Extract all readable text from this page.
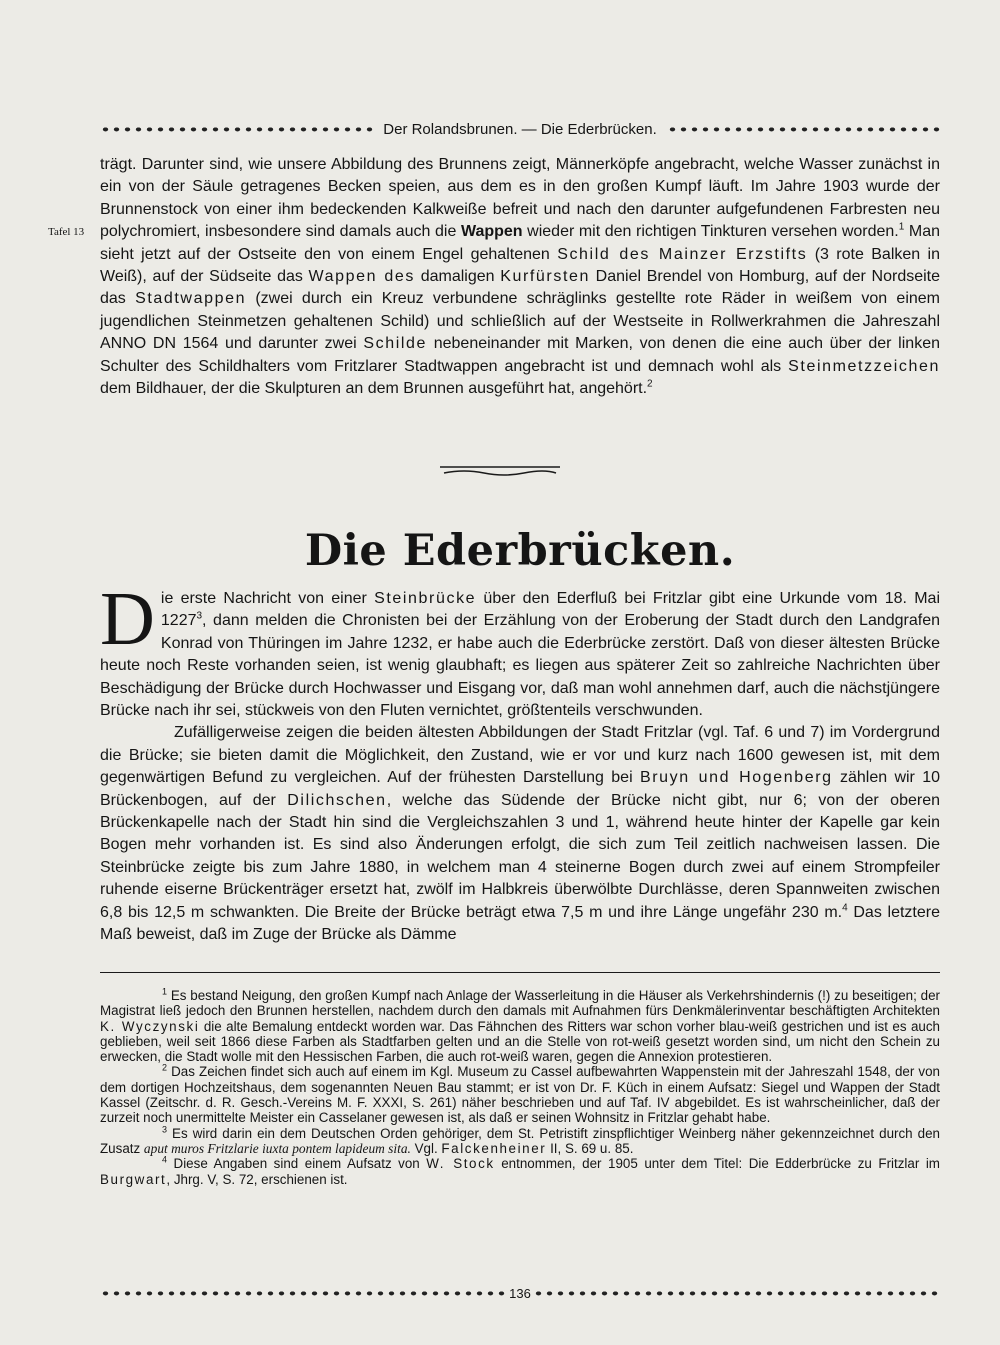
Der Rolandsbrunen. — Die Ederbrücken.
Tafel 13

trägt. Darunter sind, wie unsere Abbildung des Brunnens zeigt, Männerköpfe angebracht, welche Wasser zunächst in ein von der Säule getragenes Becken speien, aus dem es in den großen Kumpf läuft. Im Jahre 1903 wurde der Brunnenstock von einer ihm bedeckenden Kalkweiße befreit und nach den darunter aufgefundenen Farbresten neu polychromiert, insbesondere sind damals auch die Wappen wieder mit den richtigen Tinkturen versehen worden.$^1$ Man sieht jetzt auf der Ostseite den von einem Engel gehaltenen Schild des Mainzer Erzstifts (3 rote Balken in Weiß), auf der Südseite das Wappen des damaligen Kurfürsten Daniel Brendel von Homburg, auf der Nordseite das Stadtwappen (zwei durch ein Kreuz verbundene schräglinks gestellte rote Räder in weißem von einem jugendlichen Steinmetzen gehaltenen Schild) und schließlich auf der Westseite in Rollwerkrahmen die Jahreszahl ANNO DN 1564 und darunter zwei Schilde nebeneinander mit Marken, von denen die eine auch über der linken Schulter des Schildhalters vom Fritzlarer Stadtwappen angebracht ist und demnach wohl als Steinmetzzeichen dem Bildhauer, der die Skulpturen an dem Brunnen ausgeführt hat, angehört.$^2$

Die Ederbrücken.

Die erste Nachricht von einer Steinbrücke über den Ederfluß bei Fritzlar gibt eine Urkunde vom 18. Mai 1227$^3$, dann melden die Chronisten bei der Erzählung von der Eroberung der Stadt durch den Landgrafen Konrad von Thüringen im Jahre 1232, er habe auch die Ederbrücke zerstört. Daß von dieser ältesten Brücke heute noch Reste vorhanden seien, ist wenig glaubhaft; es liegen aus späterer Zeit so zahlreiche Nachrichten über Beschädigung der Brücke durch Hochwasser und Eisgang vor, daß man wohl annehmen darf, auch die nächstjüngere Brücke nach ihr sei, stückweis von den Fluten vernichtet, größtenteils verschwunden.

Zufälligerweise zeigen die beiden ältesten Abbildungen der Stadt Fritzlar (vgl. Taf. 6 und 7) im Vordergrund die Brücke; sie bieten damit die Möglichkeit, den Zustand, wie er vor und kurz nach 1600 gewesen ist, mit dem gegenwärtigen Befund zu vergleichen. Auf der frühesten Darstellung bei Bruyn und Hogenberg zählen wir 10 Brückenbogen, auf der Dilichschen, welche das Südende der Brücke nicht gibt, nur 6; von der oberen Brückenkapelle nach der Stadt hin sind die Vergleichszahlen 3 und 1, während heute hinter der Kapelle gar kein Bogen mehr vorhanden ist. Es sind also Änderungen erfolgt, die sich zum Teil zeitlich nachweisen lassen. Die Steinbrücke zeigte bis zum Jahre 1880, in welchem man 4 steinerne Bogen durch zwei auf einem Strompfeiler ruhende eiserne Brückenträger ersetzt hat, zwölf im Halbkreis überwölbte Durchlässe, deren Spannweiten zwischen 6,8 bis 12,5 m schwankten. Die Breite der Brücke beträgt etwa 7,5 m und ihre Länge ungefähr 230 m.$^4$ Das letztere Maß beweist, daß im Zuge der Brücke als Dämme

$^1$ Es bestand Neigung, den großen Kumpf nach Anlage der Wasserleitung in die Häuser als Verkehrshindernis (!) zu beseitigen; der Magistrat ließ jedoch den Brunnen herstellen, nachdem durch den damals mit Aufnahmen fürs Denkmälerinventar beschäftigten Architekten K. Wyczynski die alte Bemalung entdeckt worden war. Das Fähnchen des Ritters war schon vorher blau-weiß gestrichen und ist es auch geblieben, weil seit 1866 diese Farben als Stadtfarben gelten und an die Stelle von rot-weiß gesetzt worden sind, um nicht den Schein zu erwecken, die Stadt wolle mit den Hessischen Farben, die auch rot-weiß waren, gegen die Annexion protestieren.

$^2$ Das Zeichen findet sich auch auf einem im Kgl. Museum zu Cassel aufbewahrten Wappenstein mit der Jahreszahl 1548, der von dem dortigen Hochzeitshaus, dem sogenannten Neuen Bau stammt; er ist von Dr. F. Küch in einem Aufsatz: Siegel und Wappen der Stadt Kassel (Zeitschr. d. R. Gesch.-Vereins M. F. XXXI, S. 261) näher beschrieben und auf Taf. IV abgebildet. Es ist wahrscheinlicher, daß der zurzeit noch unermittelte Meister ein Casselaner gewesen ist, als daß er seinen Wohnsitz in Fritzlar gehabt habe.

$^3$ Es wird darin ein dem Deutschen Orden gehöriger, dem St. Petristift zinspflichtiger Weinberg näher gekennzeichnet durch den Zusatz aput muros Fritzlarie iuxta pontem lapideum sita. Vgl. Falckenheiner II, S. 69 u. 85.

$^4$ Diese Angaben sind einem Aufsatz von W. Stock entnommen, der 1905 unter dem Titel: Die Edderbrücke zu Fritzlar im Burgwart, Jhrg. V, S. 72, erschienen ist.

136
